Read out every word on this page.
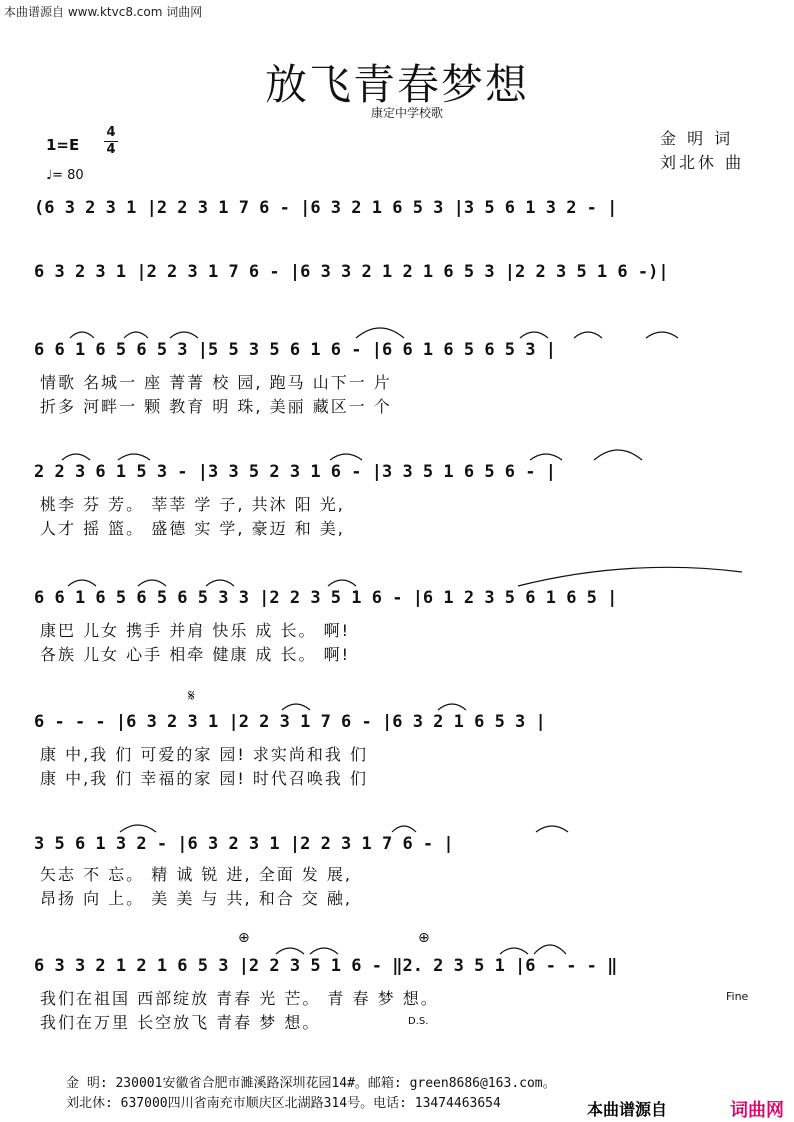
本曲谱源自 www.ktvc8.com 词曲网
放飞青春梦想
康定中学校歌
1=E
4
4
♩= 80
金 明 词
刘北休 曲
(6 3 2 3 1 |2 2 3 1 7 6 - |6 3 2 1 6 5 3 |3 5 6 1 3 2 - |
6 3 2 3 1 |2 2 3 1 7 6 - |6 3 3 2 1 2 1 6 5 3 |2 2 3 5 1 6 -)|
6 6 1 6 5 6 5 3 |5 5 3 5 6 1 6 - |6 6 1 6 5 6 5 3 |
情歌 名城一 座 菁菁 校 园, 跑马 山下一 片
折多 河畔一 颗 教育 明 珠, 美丽 藏区一 个
2 2 3 6 1 5 3 - |3 3 5 2 3 1 6 - |3 3 5 1 6 5 6 - |
桃李 芬 芳。 莘莘 学 子, 共沐 阳 光,
人才 摇 篮。 盛德 实 学, 豪迈 和 美,
6 6 1 6 5 6 5 6 5 3 3 |2 2 3 5 1 6 - |6 1 2 3 5 6 1 6 5 |
康巴 儿女 携手 并肩 快乐 成 长。 啊!
各族 儿女 心手 相牵 健康 成 长。 啊!
𝄋
6 - - - |6 3 2 3 1 |2 2 3 1 7 6 - |6 3 2 1 6 5 3 |
康 中,我 们 可爱的家 园! 求实尚和我 们
康 中,我 们 幸福的家 园! 时代召唤我 们
3 5 6 1 3 2 - |6 3 2 3 1 |2 2 3 1 7 6 - |
矢志 不 忘。 精 诚 锐 进, 全面 发 展,
昂扬 向 上。 美 美 与 共, 和合 交 融,
⊕	⊕
6 3 3 2 1 2 1 6 5 3 |2 2 3 5 1 6 - ‖2. 2 3 5 1 |6 - - - ‖
我们在祖国 西部绽放 青春 光 芒。 青 春 梦 想。
我们在万里 长空放飞 青春 梦 想。
Fine
D.S.
金 明: 230001安徽省合肥市濉溪路深圳花园14#。邮箱: green8686@163.com。
刘北休: 637000四川省南充市顺庆区北湖路314号。电话: 13474463654	本曲谱源自	词曲网
